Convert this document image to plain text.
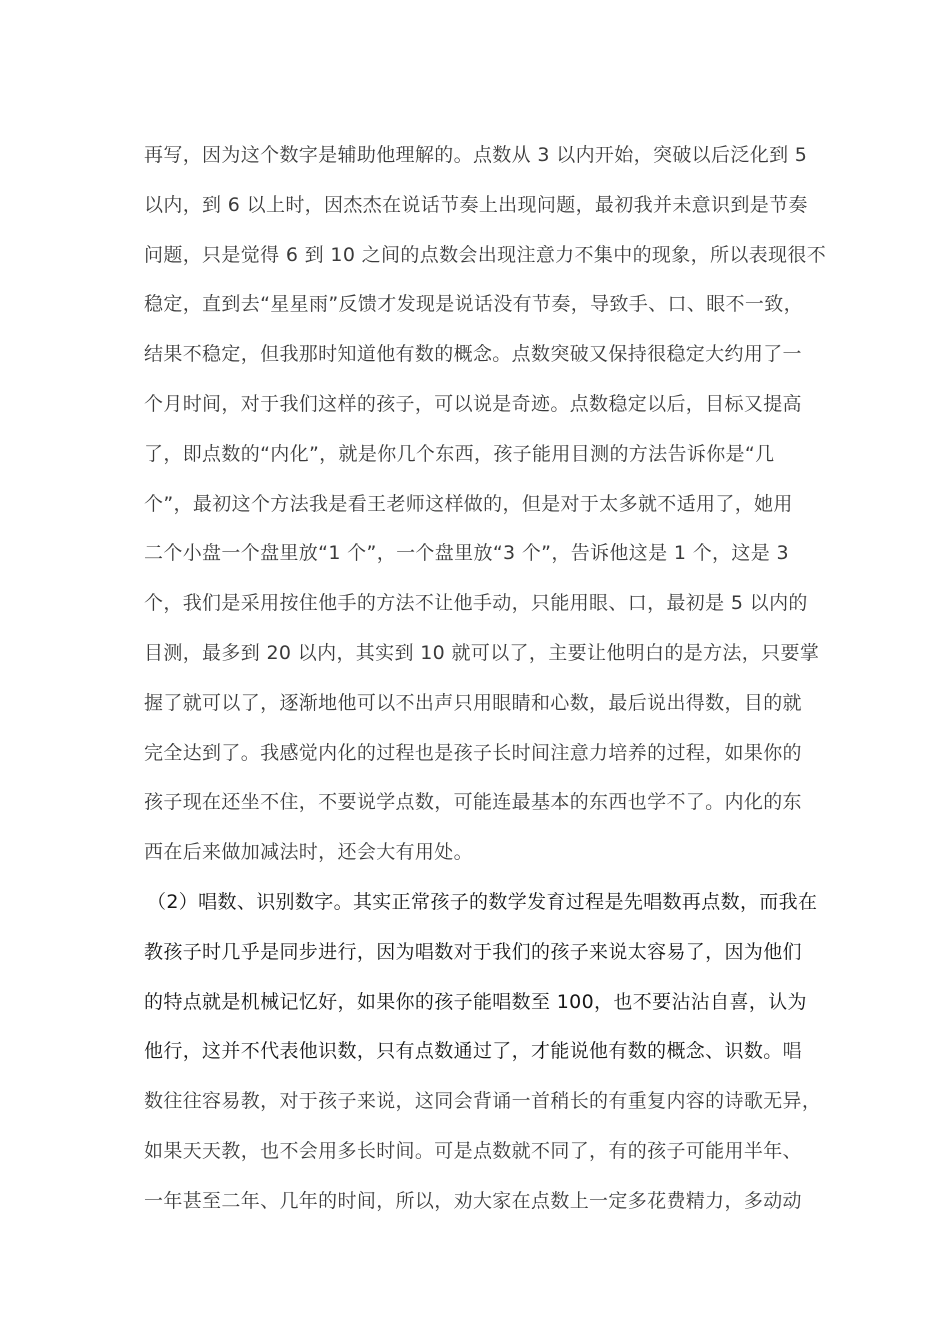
再写，因为这个数字是辅助他理解的。点数从 3 以内开始，突破以后泛化到 5
以内，到 6 以上时，因杰杰在说话节奏上出现问题，最初我并未意识到是节奏
问题，只是觉得 6 到 10 之间的点数会出现注意力不集中的现象，所以表现很不
稳定，直到去“星星雨”反馈才发现是说话没有节奏，导致手、口、眼不一致，
结果不稳定，但我那时知道他有数的概念。点数突破又保持很稳定大约用了一
个月时间，对于我们这样的孩子，可以说是奇迹。点数稳定以后，目标又提高
了，即点数的“内化”，就是你几个东西，孩子能用目测的方法告诉你是“几
个”，最初这个方法我是看王老师这样做的，但是对于太多就不适用了，她用
二个小盘一个盘里放“1 个”，一个盘里放“3 个”，告诉他这是 1 个，这是 3
个，我们是采用按住他手的方法不让他手动，只能用眼、口，最初是 5 以内的
目测，最多到 20 以内，其实到 10 就可以了，主要让他明白的是方法，只要掌
握了就可以了，逐渐地他可以不出声只用眼睛和心数，最后说出得数，目的就
完全达到了。我感觉内化的过程也是孩子长时间注意力培养的过程，如果你的
孩子现在还坐不住，不要说学点数，可能连最基本的东西也学不了。内化的东
西在后来做加减法时，还会大有用处。
（2）唱数、识别数字。其实正常孩子的数学发育过程是先唱数再点数，而我在
教孩子时几乎是同步进行，因为唱数对于我们的孩子来说太容易了，因为他们
的特点就是机械记忆好，如果你的孩子能唱数至 100，也不要沾沾自喜，认为
他行，这并不代表他识数，只有点数通过了，才能说他有数的概念、识数。唱
数往往容易教，对于孩子来说，这同会背诵一首稍长的有重复内容的诗歌无异，
如果天天教，也不会用多长时间。可是点数就不同了，有的孩子可能用半年、
一年甚至二年、几年的时间，所以，劝大家在点数上一定多花费精力，多动动
